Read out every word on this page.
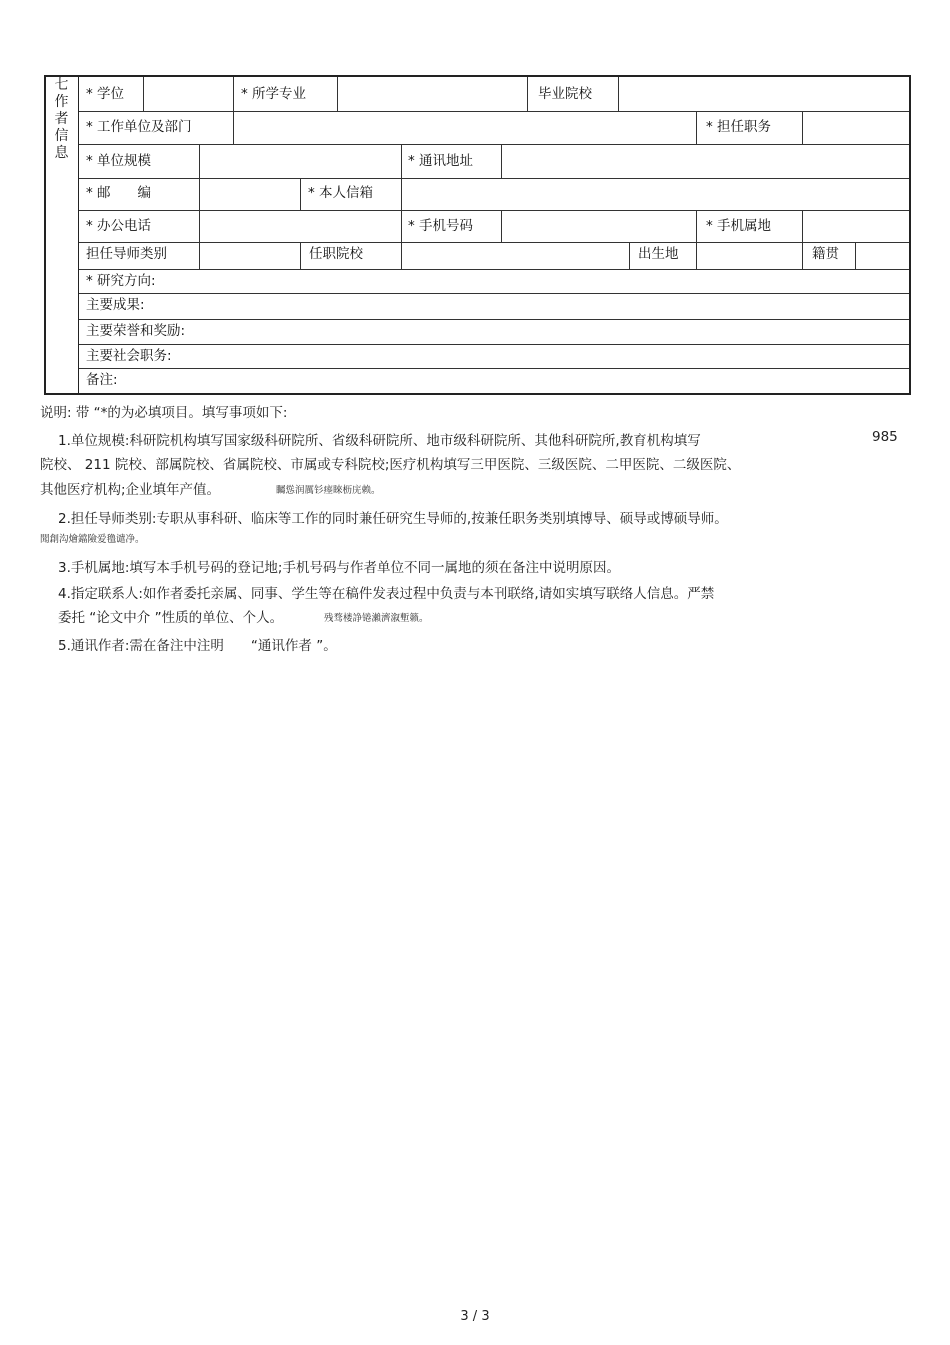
七
作
者
信
息
* 学位	* 所学专业	毕业院校
* 工作单位及部门	* 担任职务
* 单位规模	* 通讯地址
* 邮　　编	* 本人信箱
* 办公电话	* 手机号码	* 手机属地
担任导师类别	任职院校	出生地	籍贯
* 研究方向:
主要成果:
主要荣誉和奖励:
主要社会职务:
备注:
说明: 带 “*的为必填项目。填写事项如下:
1.单位规模:科研院机构填写国家级科研院所、省级科研院所、地市级科研院所、其他科研院所,教育机构填写	985
院校、 211 院校、部属院校、省属院校、市属或专科院校;医疗机构填写三甲医院、三级医院、二甲医院、二级医院、
其他医疗机构;企业填年产值。	矚慫润厲钐瘗睞枥庑赖。
2.担任导师类别:专职从事科研、临床等工作的同时兼任研究生导师的,按兼任职务类别填博导、硕导或博硕导师。
聞創沟燴鐺險爱氇谴净。
3.手机属地:填写本手机号码的登记地;手机号码与作者单位不同一属地的须在备注中说明原因。
4.指定联系人:如作者委托亲属、同事、学生等在稿件发表过程中负责与本刊联络,请如实填写联络人信息。严禁
委托 “论文中介 ”性质的单位、个人。	残骛楼諍锩瀨濟溆塹籟。
5.通讯作者:需在备注中注明　　“通讯作者 ”。
3 / 3
